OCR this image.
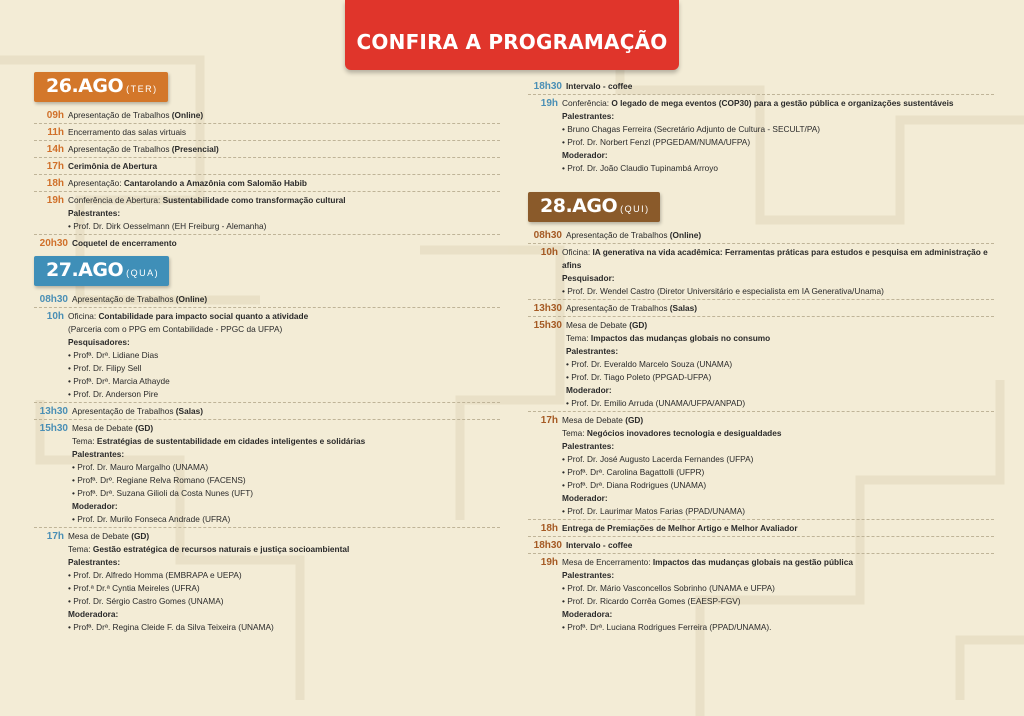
CONFIRA A PROGRAMAÇÃO
26.AGO (TER)
09h Apresentação de Trabalhos (Online)
11h Encerramento das salas virtuais
14h Apresentação de Trabalhos (Presencial)
17h Cerimônia de Abertura
18h Apresentação: Cantarolando a Amazônia com Salomão Habib
19h Conferência de Abertura: Sustentabilidade como transformação cultural
Palestrantes:
• Prof. Dr. Dirk Oesselmann (EH Freiburg - Alemanha)
20h30 Coquetel de encerramento
27.AGO (QUA)
08h30 Apresentação de Trabalhos (Online)
10h Oficina: Contabilidade para impacto social quanto a atividade
(Parceria com o PPG em Contabilidade - PPGC da UFPA)
Pesquisadores:
• Profª. Drª. Lidiane Dias
• Prof. Dr. Filipy Sell
• Profª. Drª. Marcia Athayde
• Prof. Dr. Anderson Pire
13h30 Apresentação de Trabalhos (Salas)
15h30 Mesa de Debate (GD)
Tema: Estratégias de sustentabilidade em cidades inteligentes e solidárias
Palestrantes:
• Prof. Dr. Mauro Margalho (UNAMA)
• Profª. Drº. Regiane Relva Romano (FACENS)
• Profª. Drª. Suzana Gilioli da Costa Nunes (UFT)
Moderador:
• Prof. Dr. Murilo Fonseca Andrade (UFRA)
17h Mesa de Debate (GD)
Tema: Gestão estratégica de recursos naturais e justiça socioambiental
Palestrantes:
• Prof. Dr. Alfredo Homma (EMBRAPA e UEPA)
• Prof.ª Dr.ª Cyntia Meireles (UFRA)
• Prof. Dr. Sérgio Castro Gomes (UNAMA)
Moderadora:
• Profª. Drª. Regina Cleide F. da Silva Teixeira (UNAMA)
18h30 Intervalo - coffee
19h Conferência: O legado de mega eventos (COP30) para a gestão pública e organizações sustentáveis
Palestrantes:
• Bruno Chagas Ferreira (Secretário Adjunto de Cultura - SECULT/PA)
• Prof. Dr. Norbert Fenzl (PPGEDAM/NUMA/UFPA)
Moderador:
• Prof. Dr. João Claudio Tupinambá Arroyo
28.AGO (QUI)
08h30 Apresentação de Trabalhos (Online)
10h Oficina: IA generativa na vida acadêmica: Ferramentas práticas para estudos e pesquisa em administração e afins
Pesquisador:
• Prof. Dr. Wendel Castro (Diretor Universitário e especialista em IA Generativa/Unama)
13h30 Apresentação de Trabalhos (Salas)
15h30 Mesa de Debate (GD)
Tema: Impactos das mudanças globais no consumo
Palestrantes:
• Prof. Dr. Everaldo Marcelo Souza (UNAMA)
• Prof. Dr. Tiago Poleto (PPGAD-UFPA)
Moderador:
• Prof. Dr. Emilio Arruda (UNAMA/UFPA/ANPAD)
17h Mesa de Debate (GD)
Tema: Negócios inovadores tecnologia e desigualdades
Palestrantes:
• Prof. Dr. José Augusto Lacerda Fernandes (UFPA)
• Profª. Drª. Carolina Bagattolli (UFPR)
• Profª. Drª. Diana Rodrigues (UNAMA)
Moderador:
• Prof. Dr. Laurimar Matos Farias (PPAD/UNAMA)
18h Entrega de Premiações de Melhor Artigo e Melhor Avaliador
18h30 Intervalo - coffee
19h Mesa de Encerramento: Impactos das mudanças globais na gestão pública
Palestrantes:
• Prof. Dr. Mário Vasconcellos Sobrinho (UNAMA e UFPA)
• Prof. Dr. Ricardo Corrêa Gomes (EAESP-FGV)
Moderadora:
• Profª. Drª. Luciana Rodrigues Ferreira (PPAD/UNAMA).
